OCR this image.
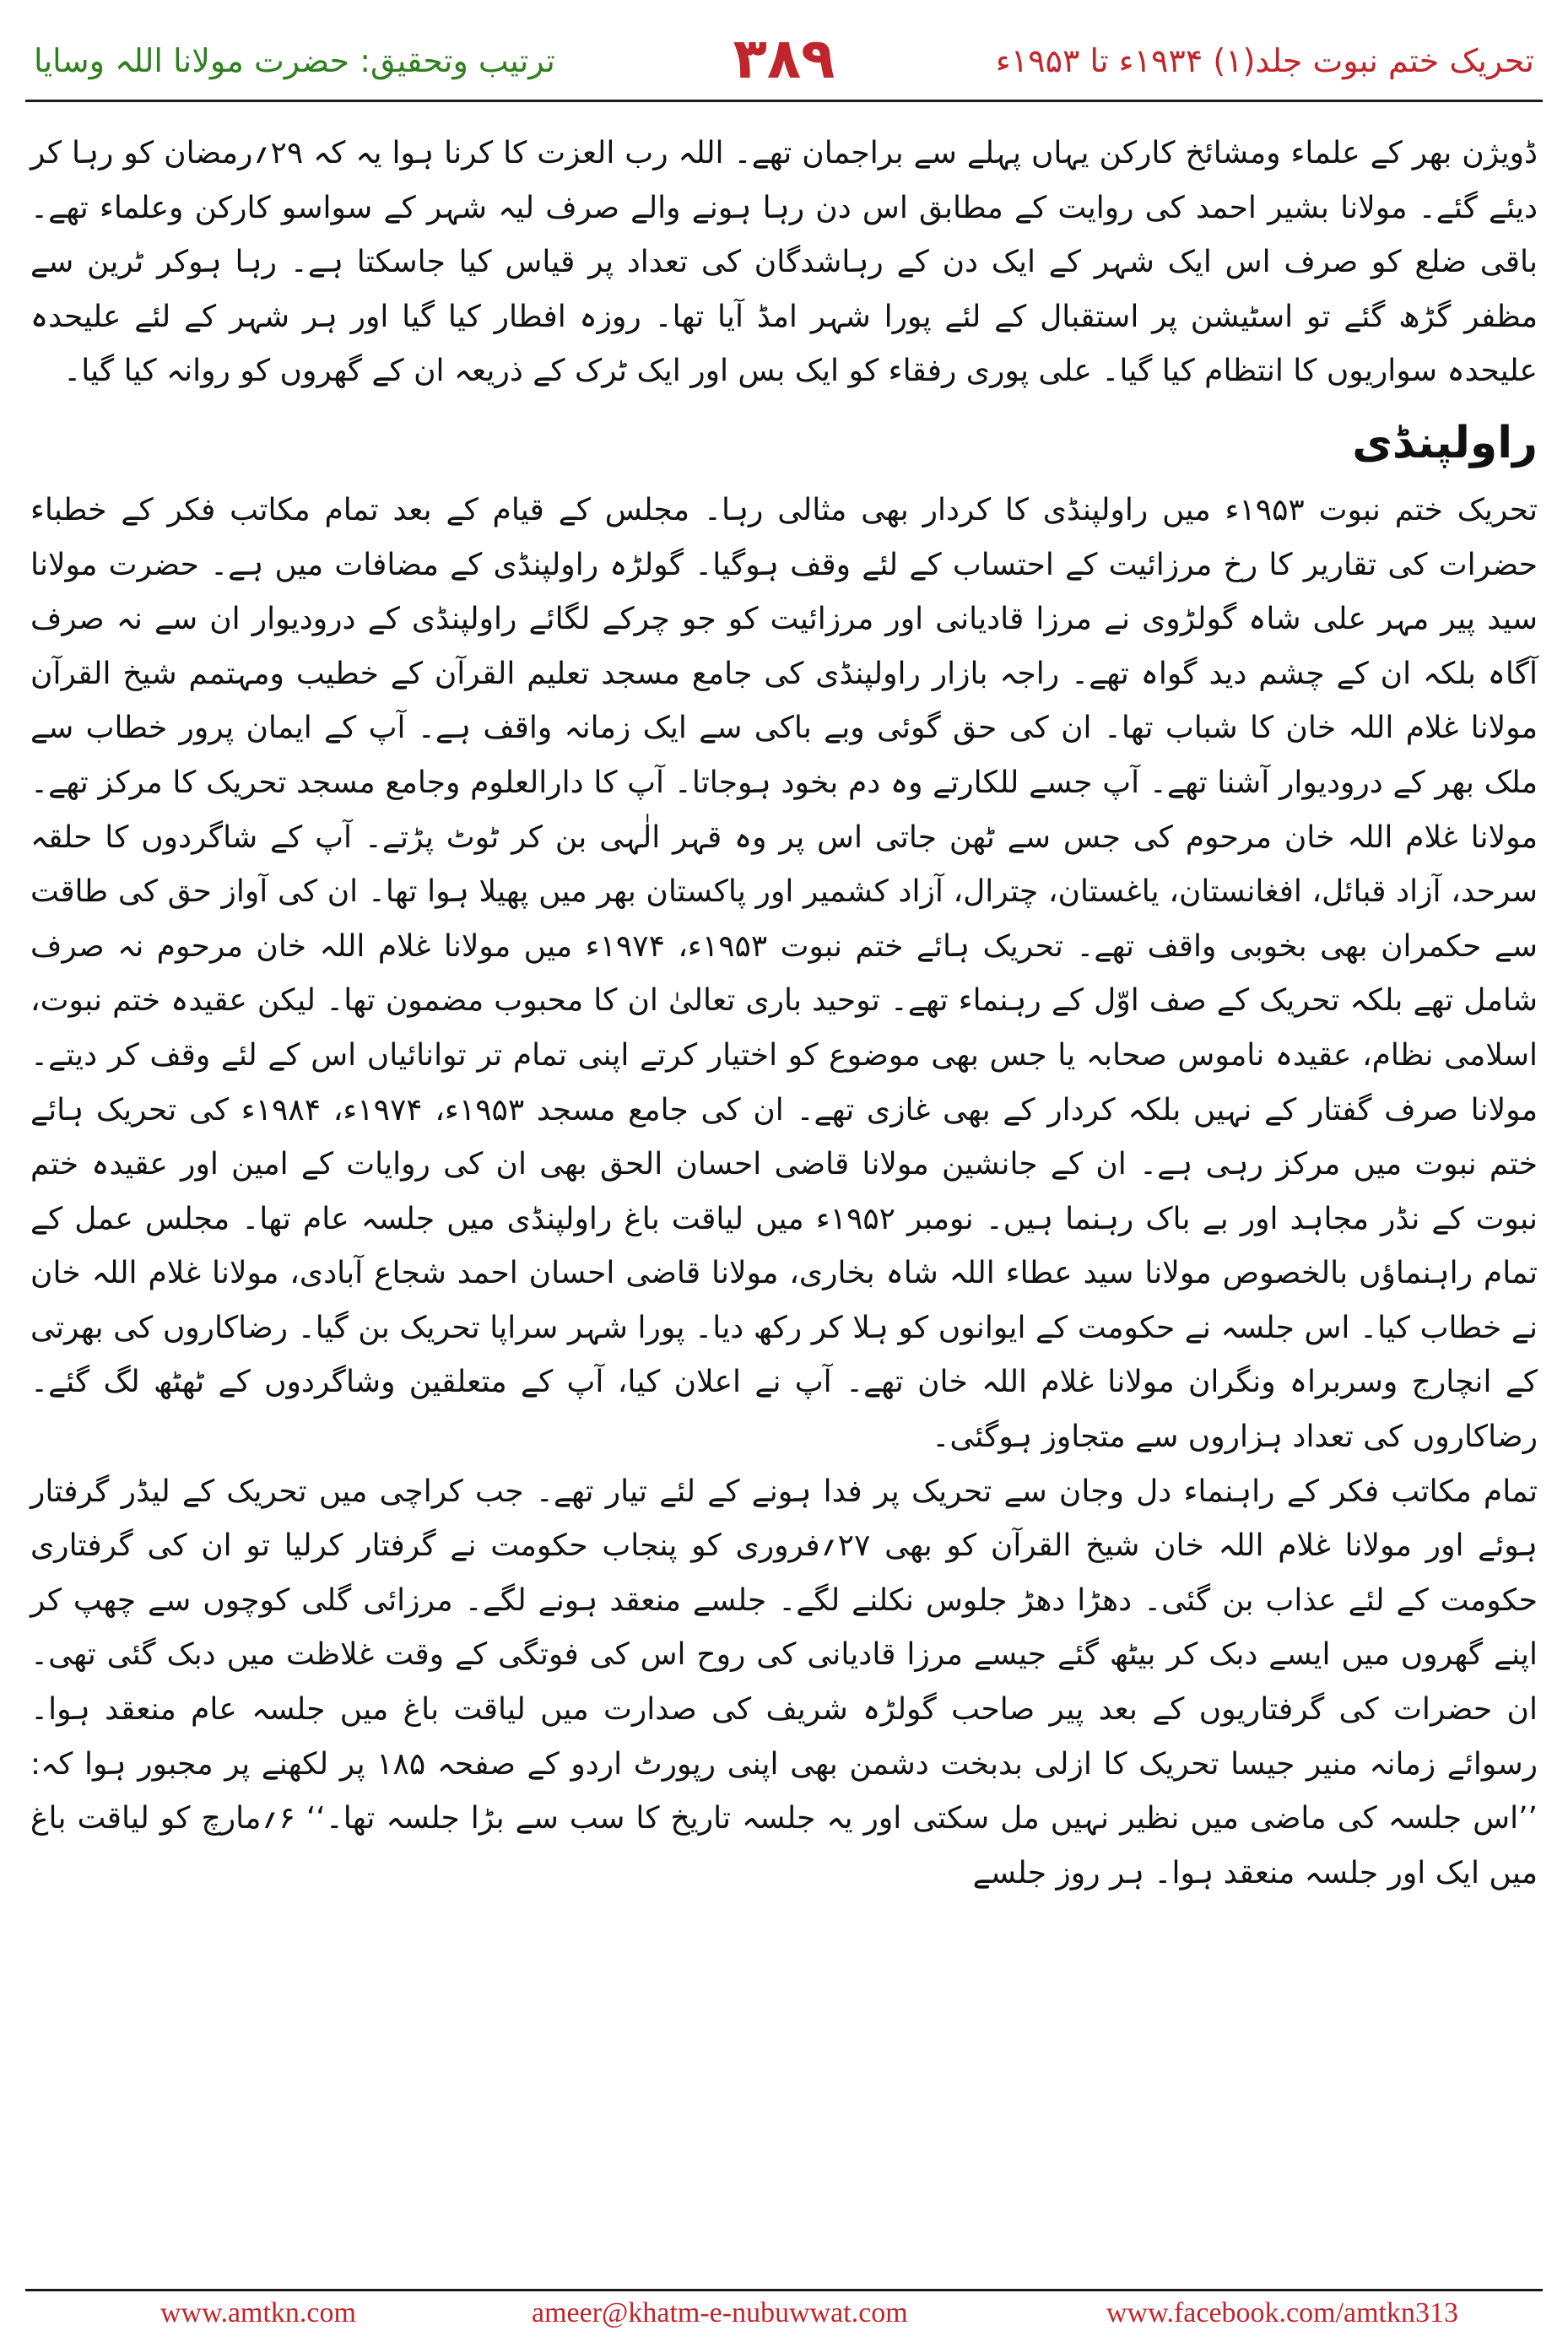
ترتیب وتحقیق: حضرت مولانا اللہ وسایا	۳۸۹	تحریک ختم نبوت جلد(۱) ۱۹۳۴ء تا ۱۹۵۳ء

ڈویژن بھر کے علماء ومشائخ کارکن یہاں پہلے سے براجمان تھے۔ اللہ رب العزت کا کرنا ہوا یہ کہ ۲۹؍رمضان کو رہا کر دیئے گئے۔ مولانا بشیر احمد کی روایت کے مطابق اس دن رہا ہونے والے صرف لیہ شہر کے سواسو کارکن وعلماء تھے۔ باقی ضلع کو صرف اس ایک شہر کے ایک دن کے رہاشدگان کی تعداد پر قیاس کیا جاسکتا ہے۔ رہا ہوکر ٹرین سے مظفر گڑھ گئے تو اسٹیشن پر استقبال کے لئے پورا شہر امڈ آیا تھا۔ روزہ افطار کیا گیا اور ہر شہر کے لئے علیحدہ علیحدہ سواریوں کا انتظام کیا گیا۔ علی پوری رفقاء کو ایک بس اور ایک ٹرک کے ذریعہ ان کے گھروں کو روانہ کیا گیا۔

راولپنڈی

تحریک ختم نبوت ۱۹۵۳ء میں راولپنڈی کا کردار بھی مثالی رہا۔ مجلس کے قیام کے بعد تمام مکاتب فکر کے خطباء حضرات کی تقاریر کا رخ مرزائیت کے احتساب کے لئے وقف ہوگیا۔ گولڑہ راولپنڈی کے مضافات میں ہے۔ حضرت مولانا سید پیر مہر علی شاہ گولڑوی نے مرزا قادیانی اور مرزائیت کو جو چرکے لگائے راولپنڈی کے درودیوار ان سے نہ صرف آگاہ بلکہ ان کے چشم دید گواہ تھے۔ راجہ بازار راولپنڈی کی جامع مسجد تعلیم القرآن کے خطیب ومہتمم شیخ القرآن مولانا غلام اللہ خان کا شباب تھا۔ ان کی حق گوئی وبے باکی سے ایک زمانہ واقف ہے۔ آپ کے ایمان پرور خطاب سے ملک بھر کے درودیوار آشنا تھے۔ آپ جسے للکارتے وہ دم بخود ہوجاتا۔ آپ کا دارالعلوم وجامع مسجد تحریک کا مرکز تھے۔ مولانا غلام اللہ خان مرحوم کی جس سے ٹھن جاتی اس پر وہ قہر الٰہی بن کر ٹوٹ پڑتے۔ آپ کے شاگردوں کا حلقہ سرحد، آزاد قبائل، افغانستان، یاغستان، چترال، آزاد کشمیر اور پاکستان بھر میں پھیلا ہوا تھا۔ ان کی آواز حق کی طاقت سے حکمران بھی بخوبی واقف تھے۔ تحریک ہائے ختم نبوت ۱۹۵۳ء، ۱۹۷۴ء میں مولانا غلام اللہ خان مرحوم نہ صرف شامل تھے بلکہ تحریک کے صف اوّل کے رہنماء تھے۔ توحید باری تعالیٰ ان کا محبوب مضمون تھا۔ لیکن عقیدہ ختم نبوت، اسلامی نظام، عقیدہ ناموس صحابہ یا جس بھی موضوع کو اختیار کرتے اپنی تمام تر توانائیاں اس کے لئے وقف کر دیتے۔ مولانا صرف گفتار کے نہیں بلکہ کردار کے بھی غازی تھے۔ ان کی جامع مسجد ۱۹۵۳ء، ۱۹۷۴ء، ۱۹۸۴ء کی تحریک ہائے ختم نبوت میں مرکز رہی ہے۔ ان کے جانشین مولانا قاضی احسان الحق بھی ان کی روایات کے امین اور عقیدہ ختم نبوت کے نڈر مجاہد اور بے باک رہنما ہیں۔ نومبر ۱۹۵۲ء میں لیاقت باغ راولپنڈی میں جلسہ عام تھا۔ مجلس عمل کے تمام راہنماؤں بالخصوص مولانا سید عطاء اللہ شاہ بخاری، مولانا قاضی احسان احمد شجاع آبادی، مولانا غلام اللہ خان نے خطاب کیا۔ اس جلسہ نے حکومت کے ایوانوں کو ہلا کر رکھ دیا۔ پورا شہر سراپا تحریک بن گیا۔ رضاکاروں کی بھرتی کے انچارج وسربراہ ونگران مولانا غلام اللہ خان تھے۔ آپ نے اعلان کیا، آپ کے متعلقین وشاگردوں کے ٹھٹھ لگ گئے۔ رضاکاروں کی تعداد ہزاروں سے متجاوز ہوگئی۔

تمام مکاتب فکر کے راہنماء دل وجان سے تحریک پر فدا ہونے کے لئے تیار تھے۔ جب کراچی میں تحریک کے لیڈر گرفتار ہوئے اور مولانا غلام اللہ خان شیخ القرآن کو بھی ۲۷؍فروری کو پنجاب حکومت نے گرفتار کرلیا تو ان کی گرفتاری حکومت کے لئے عذاب بن گئی۔ دھڑا دھڑ جلوس نکلنے لگے۔ جلسے منعقد ہونے لگے۔ مرزائی گلی کوچوں سے چھپ کر اپنے گھروں میں ایسے دبک کر بیٹھ گئے جیسے مرزا قادیانی کی روح اس کی فوتگی کے وقت غلاظت میں دبک گئی تھی۔ ان حضرات کی گرفتاریوں کے بعد پیر صاحب گولڑہ شریف کی صدارت میں لیاقت باغ میں جلسہ عام منعقد ہوا۔ رسوائے زمانہ منیر جیسا تحریک کا ازلی بدبخت دشمن بھی اپنی رپورٹ اردو کے صفحہ ۱۸۵ پر لکھنے پر مجبور ہوا کہ: ’’اس جلسہ کی ماضی میں نظیر نہیں مل سکتی اور یہ جلسہ تاریخ کا سب سے بڑا جلسہ تھا۔‘‘ ۶؍مارچ کو لیاقت باغ میں ایک اور جلسہ منعقد ہوا۔ ہر روز جلسے

www.amtkn.com	ameer@khatm-e-nubuwwat.com	www.facebook.com/amtkn313
